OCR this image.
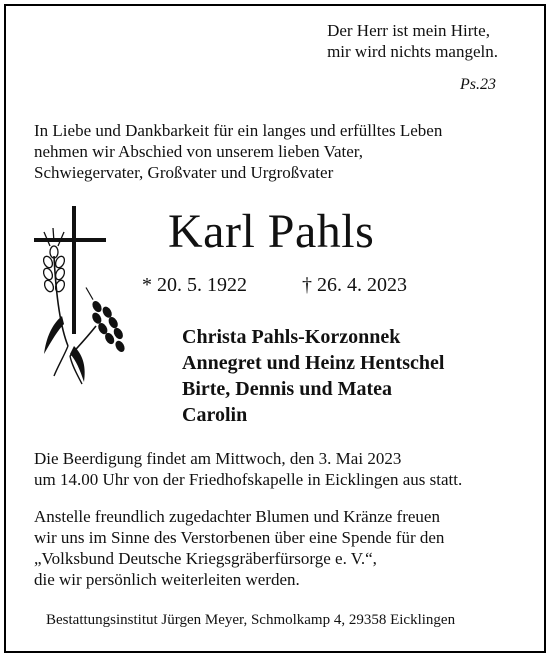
Der Herr ist mein Hirte,
mir wird nichts mangeln.
Ps.23
In Liebe und Dankbarkeit für ein langes und erfülltes Leben
nehmen wir Abschied von unserem lieben Vater,
Schwiegervater, Großvater und Urgroßvater
Karl Pahls
* 20. 5. 1922	† 26. 4. 2023
Christa Pahls-Korzonnek
Annegret und Heinz Hentschel
Birte, Dennis und Matea
Carolin
Die Beerdigung findet am Mittwoch, den 3. Mai 2023
um 14.00 Uhr von der Friedhofskapelle in Eicklingen aus statt.
Anstelle freundlich zugedachter Blumen und Kränze freuen
wir uns im Sinne des Verstorbenen über eine Spende für den
„Volksbund Deutsche Kriegsgräberfürsorge e. V.“,
die wir persönlich weiterleiten werden.
Bestattungsinstitut Jürgen Meyer, Schmolkamp 4, 29358 Eicklingen
